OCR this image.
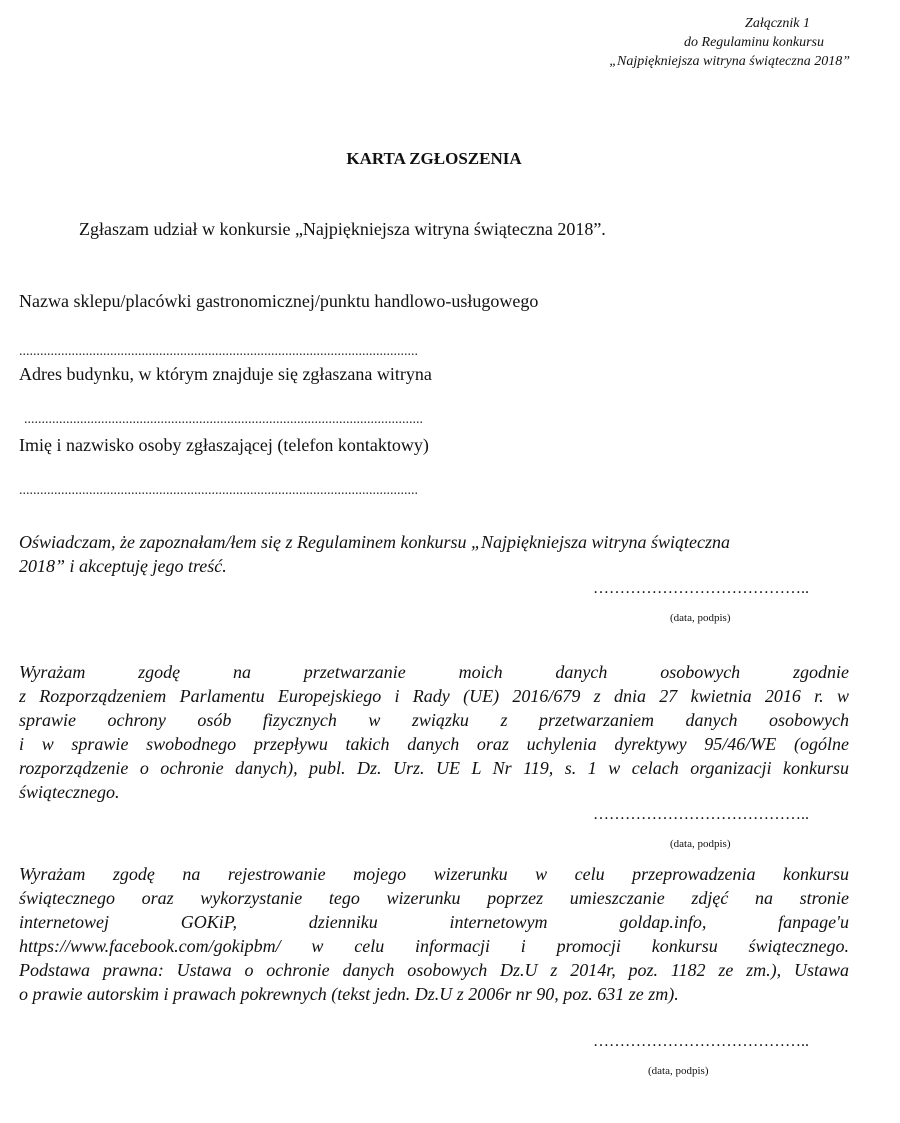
Załącznik 1
do Regulaminu konkursu
„Najpiękniejsza witryna świąteczna 2018”
KARTA ZGŁOSZENIA
Zgłaszam udział w konkursie „Najpiękniejsza witryna świąteczna 2018”.
Nazwa sklepu/placówki gastronomicznej/punktu handlowo-usługowego
..................................................................................................................
Adres budynku, w którym znajduje się zgłaszana witryna
..................................................................................................................
Imię i nazwisko osoby zgłaszającej (telefon kontaktowy)
..................................................................................................................
Oświadczam, że zapoznałam/łem się z Regulaminem konkursu „Najpiękniejsza witryna świąteczna
2018” i akceptuję jego treść.
…………………………………..
(data, podpis)
Wyrażam zgodę na przetwarzanie moich danych osobowych zgodnie
z Rozporządzeniem Parlamentu Europejskiego i Rady (UE) 2016/679 z dnia 27 kwietnia 2016 r. w
sprawie ochrony osób fizycznych w związku z przetwarzaniem danych osobowych
i w sprawie swobodnego przepływu takich danych oraz uchylenia dyrektywy 95/46/WE (ogólne
rozporządzenie o ochronie danych), publ. Dz. Urz. UE L Nr 119, s. 1 w celach organizacji konkursu
świątecznego.
…………………………………..
(data, podpis)
Wyrażam zgodę na rejestrowanie mojego wizerunku w celu przeprowadzenia konkursu
świątecznego oraz wykorzystanie tego wizerunku poprzez umieszczanie zdjęć na stronie
internetowej GOKiP, dzienniku internetowym goldap.info, fanpage'u
https://www.facebook.com/gokipbm/ w celu informacji i promocji konkursu świątecznego.
Podstawa prawna: Ustawa o ochronie danych osobowych Dz.U z 2014r, poz. 1182 ze zm.), Ustawa
o prawie autorskim i prawach pokrewnych (tekst jedn. Dz.U z 2006r nr 90, poz. 631 ze zm).
…………………………………..
(data, podpis)
